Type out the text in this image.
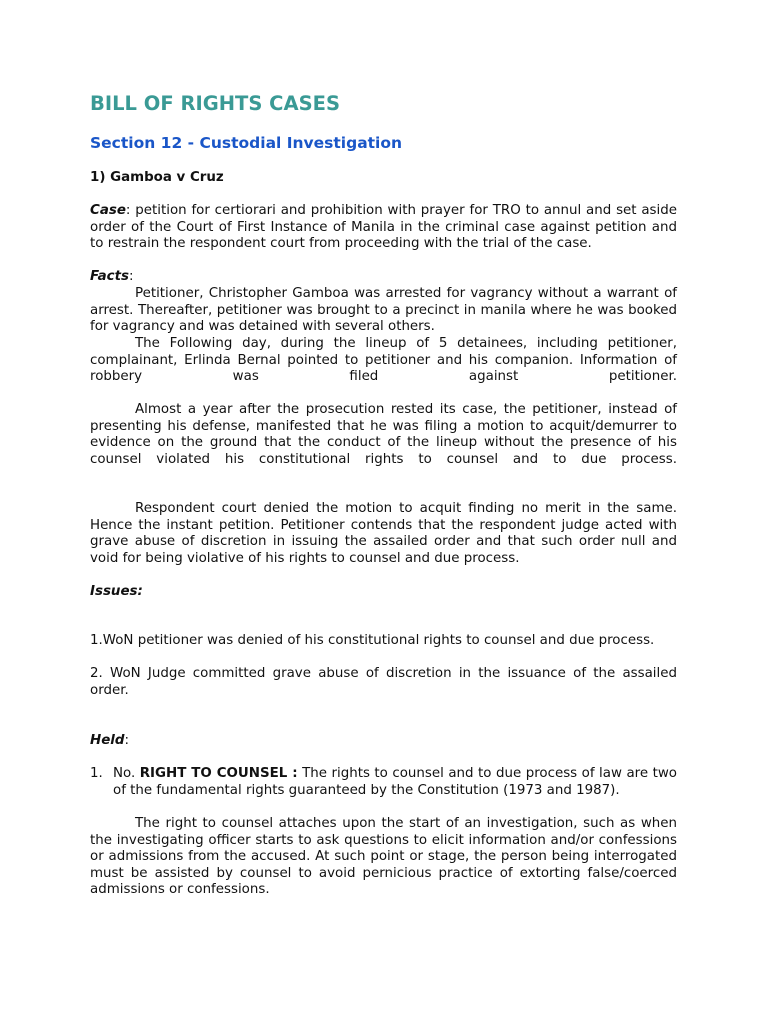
BILL OF RIGHTS CASES
Section 12 - Custodial Investigation
1) Gamboa v Cruz

Case: petition for certiorari and prohibition with prayer for TRO to annul and set aside order of the Court of First Instance of Manila in the criminal case against petition and to restrain the respondent court from proceeding with the trial of the case.

Facts:

Petitioner, Christopher Gamboa was arrested for vagrancy without a warrant of arrest. Thereafter, petitioner was brought to a precinct in manila where he was booked for vagrancy and was detained with several others.

The Following day, during the lineup of 5 detainees, including petitioner, complainant, Erlinda Bernal pointed to petitioner and his companion. Information of robbery was filed against petitioner.

Almost a year after the prosecution rested its case, the petitioner, instead of presenting his defense, manifested that he was filing a motion to acquit/demurrer to evidence on the ground that the conduct of the lineup without the presence of his counsel violated his constitutional rights to counsel and to due process.

Respondent court denied the motion to acquit finding no merit in the same. Hence the instant petition. Petitioner contends that the respondent judge acted with grave abuse of discretion in issuing the assailed order and that such order null and void for being violative of his rights to counsel and due process.

Issues:

1.WoN petitioner was denied of his constitutional rights to counsel and due process.

2. WoN Judge committed grave abuse of discretion in the issuance of the assailed order.

Held:

1. No. RIGHT TO COUNSEL : The rights to counsel and to due process of law are two of the fundamental rights guaranteed by the Constitution (1973 and 1987).

The right to counsel attaches upon the start of an investigation, such as when the investigating officer starts to ask questions to elicit information and/or confessions or admissions from the accused. At such point or stage, the person being interrogated must be assisted by counsel to avoid pernicious practice of extorting false/coerced admissions or confessions.
